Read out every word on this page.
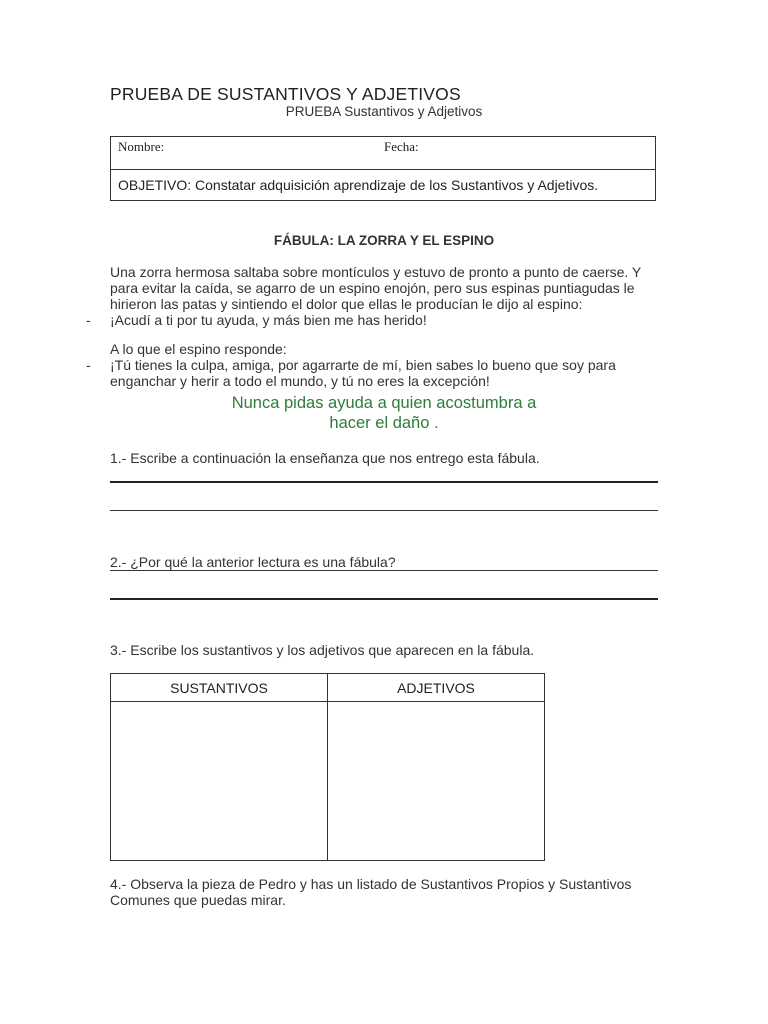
PRUEBA DE SUSTANTIVOS Y ADJETIVOS
PRUEBA Sustantivos y Adjetivos
Nombre:	Fecha:
OBJETIVO: Constatar adquisición aprendizaje de los Sustantivos y Adjetivos.
FÁBULA: LA ZORRA Y EL ESPINO
Una zorra hermosa saltaba sobre montículos y estuvo de pronto a punto de caerse. Y
para evitar la caída, se agarro de un espino enojón, pero sus espinas puntiagudas le
hirieron las patas y sintiendo el dolor que ellas le producían le dijo al espino:
- ¡Acudí a ti por tu ayuda, y más bien me has herido!
A lo que el espino responde:
- ¡Tú tienes la culpa, amiga, por agarrarte de mí, bien sabes lo bueno que soy para
enganchar y herir a todo el mundo, y tú no eres la excepción!
Nunca pidas ayuda a quien acostumbra a
hacer el daño .
1.- Escribe a continuación la enseñanza que nos entrego esta fábula.
2.- ¿Por qué la anterior lectura es una fábula?
3.- Escribe los sustantivos y los adjetivos que aparecen en la fábula.
SUSTANTIVOS	ADJETIVOS
4.- Observa la pieza de Pedro y has un listado de Sustantivos Propios y Sustantivos
Comunes que puedas mirar.
